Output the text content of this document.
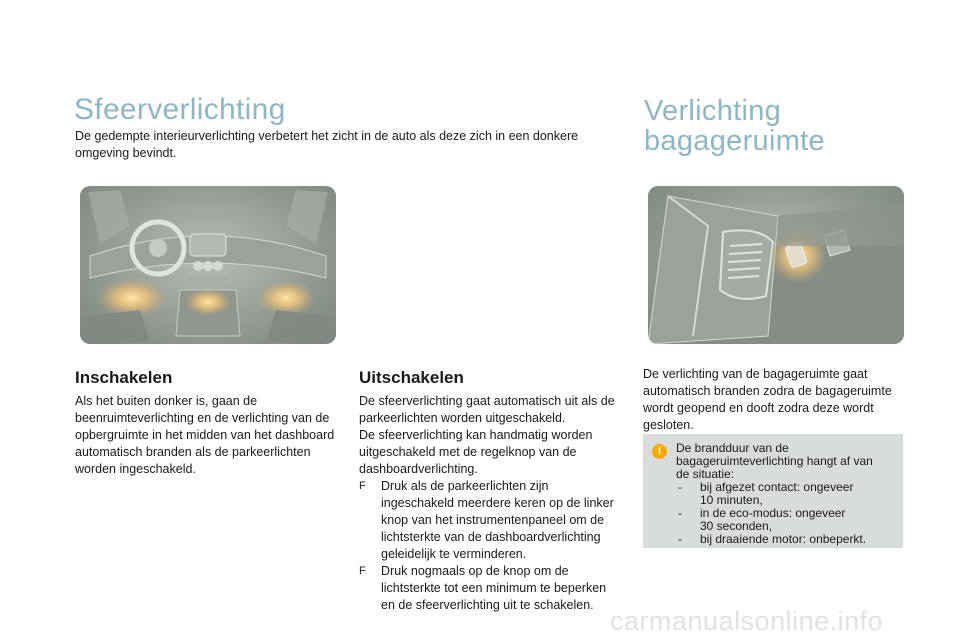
Sfeerverlichting	Verlichting
bagageruimte
De gedempte interieurverlichting verbetert het zicht in de auto als deze zich in een donkere
omgeving bevindt.
Inschakelen
Als het buiten donker is, gaan de
beenruimteverlichting en de verlichting van de
opbergruimte in het midden van het dashboard
automatisch branden als de parkeerlichten
worden ingeschakeld.
Uitschakelen
De sfeerverlichting gaat automatisch uit als de
parkeerlichten worden uitgeschakeld.
De sfeerverlichting kan handmatig worden
uitgeschakeld met de regelknop van de
dashboardverlichting.
F	Druk als de parkeerlichten zijn
ingeschakeld meerdere keren op de linker
knop van het instrumentenpaneel om de
lichtsterkte van de dashboardverlichting
geleidelijk te verminderen.
F	Druk nogmaals op de knop om de
lichtsterkte tot een minimum te beperken
en de sfeerverlichting uit te schakelen.
De verlichting van de bagageruimte gaat
automatisch branden zodra de bagageruimte
wordt geopend en dooft zodra deze wordt
gesloten.
i	De brandduur van de
bagageruimteverlichting hangt af van
de situatie:
-	bij afgezet contact: ongeveer
10 minuten,
-	in de eco-modus: ongeveer
30 seconden,
-	bij draaiende motor: onbeperkt.
carmanualsonline.info
